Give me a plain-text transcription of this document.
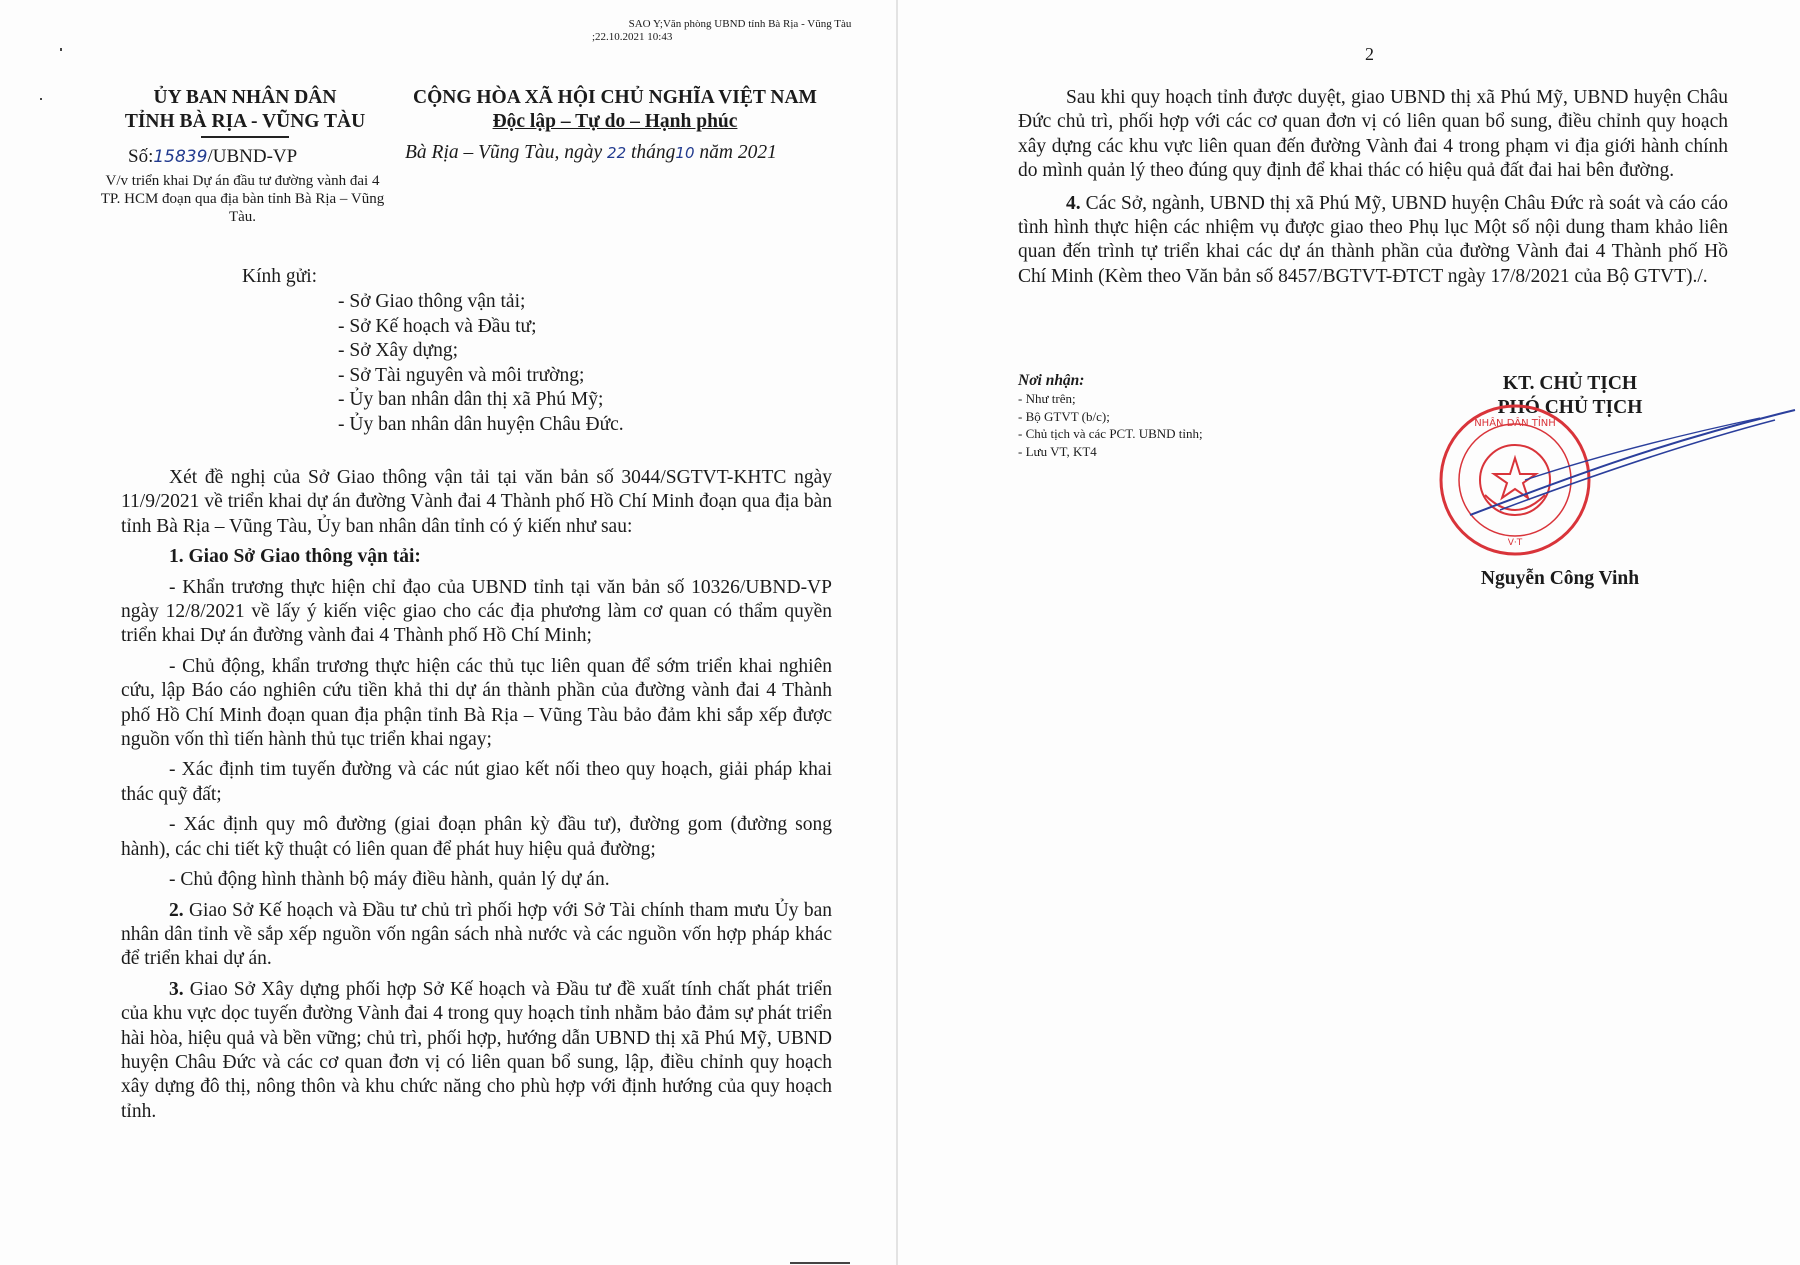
SAO Y;Văn phòng UBND tỉnh Bà Rịa - Vũng Tàu
;22.10.2021 10:43
ỦY BAN NHÂN DÂN
TỈNH BÀ RỊA - VŨNG TÀU
CỘNG HÒA XÃ HỘI CHỦ NGHĨA VIỆT NAM
Độc lập – Tự do – Hạnh phúc
Số:15839/UBND-VP	Bà Rịa – Vũng Tàu, ngày 22 tháng10 năm 2021
V/v triển khai Dự án đầu tư đường vành đai 4 TP. HCM đoạn qua địa bàn tỉnh Bà Rịa – Vũng Tàu.
Kính gửi:

- Sở Giao thông vận tải;

- Sở Kế hoạch và Đầu tư;

- Sở Xây dựng;

- Sở Tài nguyên và môi trường;

- Ủy ban nhân dân thị xã Phú Mỹ;

- Ủy ban nhân dân huyện Châu Đức.

Xét đề nghị của Sở Giao thông vận tải tại văn bản số 3044/SGTVT-KHTC ngày 11/9/2021 về triển khai dự án đường Vành đai 4 Thành phố Hồ Chí Minh đoạn qua địa bàn tỉnh Bà Rịa – Vũng Tàu, Ủy ban nhân dân tỉnh có ý kiến như sau:

1. Giao Sở Giao thông vận tải:

- Khẩn trương thực hiện chỉ đạo của UBND tỉnh tại văn bản số 10326/UBND-VP ngày 12/8/2021 về lấy ý kiến việc giao cho các địa phương làm cơ quan có thẩm quyền triển khai Dự án đường vành đai 4 Thành phố Hồ Chí Minh;

- Chủ động, khẩn trương thực hiện các thủ tục liên quan để sớm triển khai nghiên cứu, lập Báo cáo nghiên cứu tiền khả thi dự án thành phần của đường vành đai 4 Thành phố Hồ Chí Minh đoạn quan địa phận tỉnh Bà Rịa – Vũng Tàu bảo đảm khi sắp xếp được nguồn vốn thì tiến hành thủ tục triển khai ngay;

- Xác định tim tuyến đường và các nút giao kết nối theo quy hoạch, giải pháp khai thác quỹ đất;

- Xác định quy mô đường (giai đoạn phân kỳ đầu tư), đường gom (đường song hành), các chi tiết kỹ thuật có liên quan để phát huy hiệu quả đường;

- Chủ động hình thành bộ máy điều hành, quản lý dự án.

2. Giao Sở Kế hoạch và Đầu tư chủ trì phối hợp với Sở Tài chính tham mưu Ủy ban nhân dân tỉnh về sắp xếp nguồn vốn ngân sách nhà nước và các nguồn vốn hợp pháp khác để triển khai dự án.

3. Giao Sở Xây dựng phối hợp Sở Kế hoạch và Đầu tư đề xuất tính chất phát triển của khu vực dọc tuyến đường Vành đai 4 trong quy hoạch tỉnh nhằm bảo đảm sự phát triển hài hòa, hiệu quả và bền vững; chủ trì, phối hợp, hướng dẫn UBND thị xã Phú Mỹ, UBND huyện Châu Đức và các cơ quan đơn vị có liên quan bổ sung, lập, điều chỉnh quy hoạch xây dựng đô thị, nông thôn và khu chức năng cho phù hợp với định hướng của quy hoạch tỉnh.

2

Sau khi quy hoạch tỉnh được duyệt, giao UBND thị xã Phú Mỹ, UBND huyện Châu Đức chủ trì, phối hợp với các cơ quan đơn vị có liên quan bổ sung, điều chỉnh quy hoạch xây dựng các khu vực liên quan đến đường Vành đai 4 trong phạm vi địa giới hành chính do mình quản lý theo đúng quy định để khai thác có hiệu quả đất đai hai bên đường.

4. Các Sở, ngành, UBND thị xã Phú Mỹ, UBND huyện Châu Đức rà soát và cáo cáo tình hình thực hiện các nhiệm vụ được giao theo Phụ lục Một số nội dung tham khảo liên quan đến trình tự triển khai các dự án thành phần của đường Vành đai 4 Thành phố Hồ Chí Minh (Kèm theo Văn bản số 8457/BGTVT-ĐTCT ngày 17/8/2021 của Bộ GTVT)./.

Nơi nhận:
- Như trên;
- Bộ GTVT (b/c);
- Chủ tịch và các PCT. UBND tỉnh;
- Lưu VT, KT4
KT. CHỦ TỊCH
PHÓ CHỦ TỊCH
NHÂN DÂN TỈNH
V·T
Nguyễn Công Vinh
